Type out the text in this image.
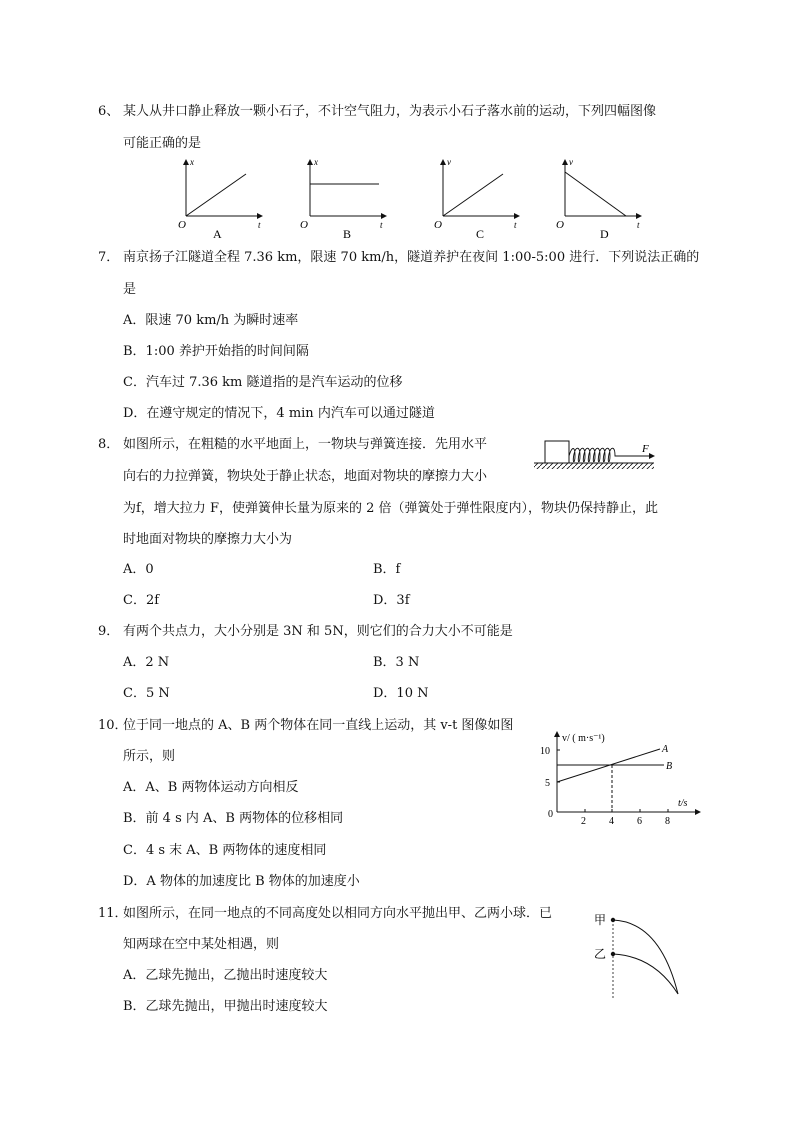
6、 某人从井口静止释放一颗小石子，不计空气阻力，为表示小石子落水前的运动，下列四幅图像
可能正确的是
x
t
O
A
x
t
O
B
v
t
O
C
v
t
O
D
7． 南京扬子江隧道全程 7.36 km，限速 70 km/h，隧道养护在夜间 1:00-5:00 进行．下列说法正确的
是
A．限速 70 km/h 为瞬时速率
B．1:00 养护开始指的时间间隔
C．汽车过 7.36 km 隧道指的是汽车运动的位移
D．在遵守规定的情况下，4 min 内汽车可以通过隧道
8． 如图所示，在粗糙的水平地面上，一物块与弹簧连接．先用水平
向右的力拉弹簧，物块处于静止状态，地面对物块的摩擦力大小
为f，增大拉力 F，使弹簧伸长量为原来的 2 倍（弹簧处于弹性限度内），物块仍保持静止，此
时地面对物块的摩擦力大小为
A．0	B．f
C．2f	D．3f
F
9． 有两个共点力，大小分别是 3N 和 5N，则它们的合力大小不可能是
A．2 N	B．3 N
C．5 N	D．10 N
10．
位于同一地点的 A、B 两个物体在同一直线上运动，其 v-t 图像如图
所示，则
A．A、B 两物体运动方向相反
B．前 4 s 内 A、B 两物体的位移相同
C．4 s 末 A、B 两物体的速度相同
D．A 物体的加速度比 B 物体的加速度小
v/ ( m·s⁻¹)
t/s
0
10
5
2 4 6 8
A
B
11．
如图所示，在同一地点的不同高度处以相同方向水平抛出甲、乙两小球．已
知两球在空中某处相遇，则
A．乙球先抛出，乙抛出时速度较大
B．乙球先抛出，甲抛出时速度较大
甲
乙
